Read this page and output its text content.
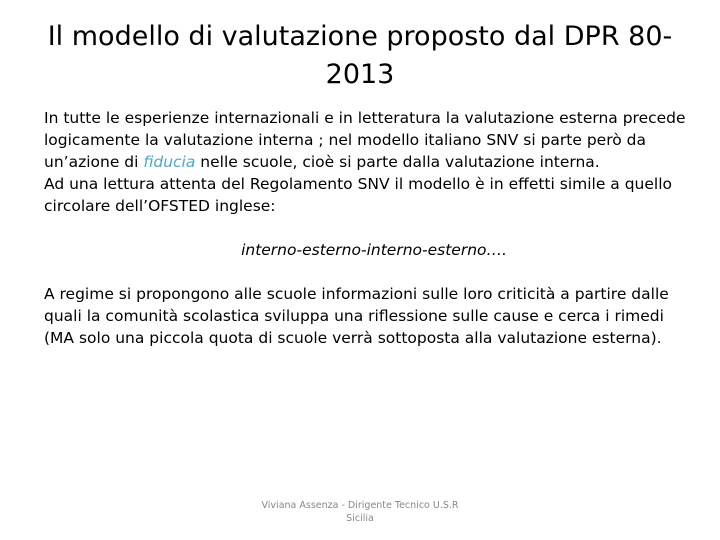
Il modello di valutazione proposto dal DPR 80-
2013

In tutte le esperienze internazionali e in letteratura la valutazione esterna precede logicamente la valutazione interna ; nel modello italiano SNV si parte però da un’azione di fiducia nelle scuole, cioè si parte dalla valutazione interna.

Ad una lettura attenta del Regolamento SNV il modello è in effetti simile a quello circolare dell’OFSTED inglese:

interno-esterno-interno-esterno….

A regime si propongono alle scuole informazioni sulle loro criticità a partire dalle quali la comunità scolastica sviluppa una riflessione sulle cause e cerca i rimedi

(MA solo una piccola quota di scuole verrà sottoposta alla valutazione esterna).

Viviana Assenza - Dirigente Tecnico U.S.R
Sicilia
